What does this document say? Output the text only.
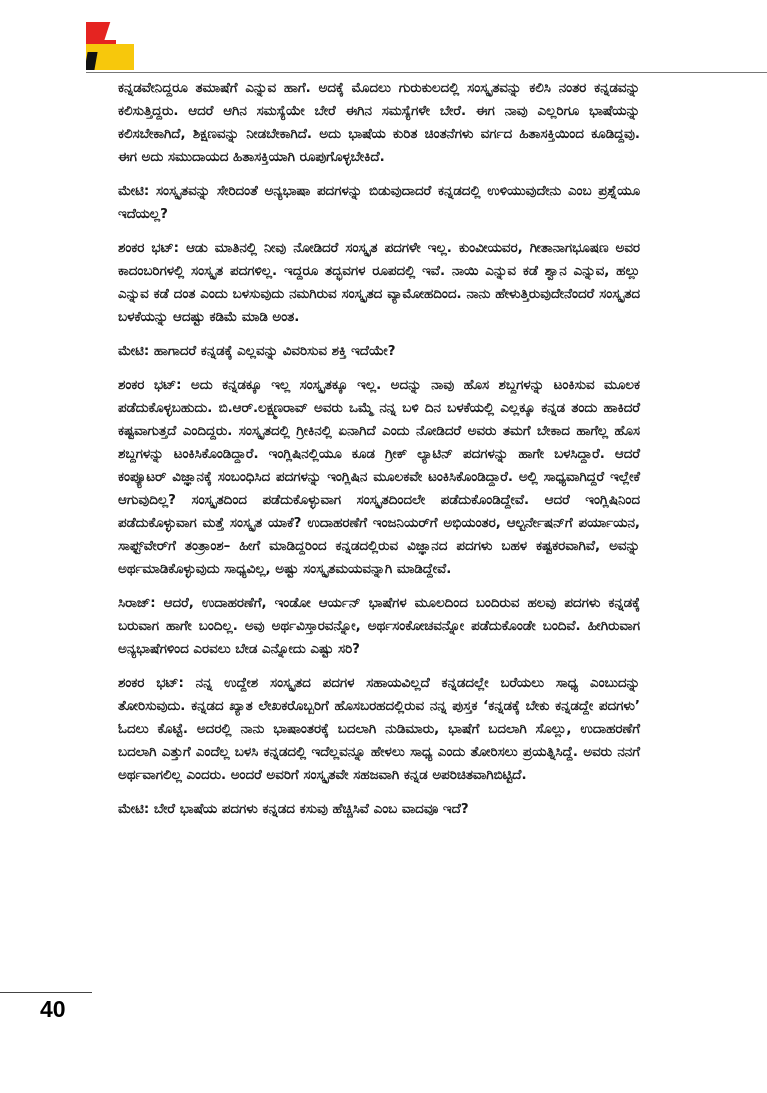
ಕನ್ನಡವೇನಿದ್ದರೂ ತಮಾಷೆಗೆ ಎನ್ನುವ ಹಾಗೆ. ಅದಕ್ಕೆ ಮೊದಲು ಗುರುಕುಲದಲ್ಲಿ ಸಂಸ್ಕೃತವನ್ನು ಕಲಿಸಿ ನಂತರ ಕನ್ನಡವನ್ನು ಕಲಿಸುತ್ತಿದ್ದರು. ಆದರೆ ಆಗಿನ ಸಮಸ್ಯೆಯೇ ಬೇರೆ ಈಗಿನ ಸಮಸ್ಯೆಗಳೇ ಬೇರೆ. ಈಗ ನಾವು ಎಲ್ಲರಿಗೂ ಭಾಷೆಯನ್ನು ಕಲಿಸಬೇಕಾಗಿದೆ, ಶಿಕ್ಷಣವನ್ನು ನೀಡಬೇಕಾಗಿದೆ. ಅದು ಭಾಷೆಯ ಕುರಿತ ಚಿಂತನೆಗಳು ವರ್ಗದ ಹಿತಾಸಕ್ತಿಯಿಂದ ಕೂಡಿದ್ದವು. ಈಗ ಅದು ಸಮುದಾಯದ ಹಿತಾಸಕ್ತಿಯಾಗಿ ರೂಪುಗೊಳ್ಳಬೇಕಿದೆ.

ಮೇಟಿ: ಸಂಸ್ಕೃತವನ್ನು ಸೇರಿದಂತೆ ಅನ್ಯಭಾಷಾ ಪದಗಳನ್ನು ಬಿಡುವುದಾದರೆ ಕನ್ನಡದಲ್ಲಿ ಉಳಿಯುವುದೇನು ಎಂಬ ಪ್ರಶ್ನೆಯೂ ಇದೆಯಲ್ಲ?

ಶಂಕರ ಭಟ್: ಆಡು ಮಾತಿನಲ್ಲಿ ನೀವು ನೋಡಿದರೆ ಸಂಸ್ಕೃತ ಪದಗಳೇ ಇಲ್ಲ. ಕುಂವೀಯವರ, ಗೀತಾನಾಗಭೂಷಣ ಅವರ ಕಾದಂಬರಿಗಳಲ್ಲಿ ಸಂಸ್ಕೃತ ಪದಗಳಿಲ್ಲ. ಇದ್ದರೂ ತದ್ಭವಗಳ ರೂಪದಲ್ಲಿ ಇವೆ. ನಾಯಿ ಎನ್ನುವ ಕಡೆ ಶ್ವಾನ ಎನ್ನುವ, ಹಲ್ಲು ಎನ್ನುವ ಕಡೆ ದಂತ ಎಂದು ಬಳಸುವುದು ನಮಗಿರುವ ಸಂಸ್ಕೃತದ ವ್ಯಾಮೋಹದಿಂದ. ನಾನು ಹೇಳುತ್ತಿರುವುದೇನೆಂದರೆ ಸಂಸ್ಕೃತದ ಬಳಕೆಯನ್ನು ಆದಷ್ಟು ಕಡಿಮೆ ಮಾಡಿ ಅಂತ.

ಮೇಟಿ: ಹಾಗಾದರೆ ಕನ್ನಡಕ್ಕೆ ಎಲ್ಲವನ್ನು ವಿವರಿಸುವ ಶಕ್ತಿ ಇದೆಯೇ?

ಶಂಕರ ಭಟ್: ಅದು ಕನ್ನಡಕ್ಕೂ ಇಲ್ಲ ಸಂಸ್ಕೃತಕ್ಕೂ ಇಲ್ಲ. ಅದನ್ನು ನಾವು ಹೊಸ ಶಬ್ದಗಳನ್ನು ಟಂಕಿಸುವ ಮೂಲಕ ಪಡೆದುಕೊಳ್ಳಬಹುದು. ಬಿ.ಆರ್.ಲಕ್ಷ್ಮಣರಾವ್ ಅವರು ಒಮ್ಮೆ ನನ್ನ ಬಳಿ ದಿನ ಬಳಕೆಯಲ್ಲಿ ಎಲ್ಲಕ್ಕೂ ಕನ್ನಡ ತಂದು ಹಾಕಿದರೆ ಕಷ್ಟವಾಗುತ್ತದೆ ಎಂದಿದ್ದರು. ಸಂಸ್ಕೃತದಲ್ಲಿ ಗ್ರೀಕಿನಲ್ಲಿ ಏನಾಗಿದೆ ಎಂದು ನೋಡಿದರೆ ಅವರು ತಮಗೆ ಬೇಕಾದ ಹಾಗೆಲ್ಲ ಹೊಸ ಶಬ್ದಗಳನ್ನು ಟಂಕಿಸಿಕೊಂಡಿದ್ದಾರೆ. ಇಂಗ್ಲಿಷಿನಲ್ಲಿಯೂ ಕೂಡ ಗ್ರೀಕ್ ಲ್ಯಾಟಿನ್ ಪದಗಳನ್ನು ಹಾಗೇ ಬಳಸಿದ್ದಾರೆ. ಆದರೆ ಕಂಪ್ಯೂಟರ್ ವಿಜ್ಞಾನಕ್ಕೆ ಸಂಬಂಧಿಸಿದ ಪದಗಳನ್ನು ಇಂಗ್ಲಿಷಿನ ಮೂಲಕವೇ ಟಂಕಿಸಿಕೊಂಡಿದ್ದಾರೆ. ಅಲ್ಲಿ ಸಾಧ್ಯವಾಗಿದ್ದರೆ ಇಲ್ಲೇಕೆ ಆಗುವುದಿಲ್ಲ? ಸಂಸ್ಕೃತದಿಂದ ಪಡೆದುಕೊಳ್ಳುವಾಗ ಸಂಸ್ಕೃತದಿಂದಲೇ ಪಡೆದುಕೊಂಡಿದ್ದೇವೆ. ಆದರೆ ಇಂಗ್ಲಿಷಿನಿಂದ ಪಡೆದುಕೊಳ್ಳುವಾಗ ಮತ್ತೆ ಸಂಸ್ಕೃತ ಯಾಕೆ? ಉದಾಹರಣೆಗೆ ಇಂಜನಿಯರ್‌ಗೆ ಅಭಿಯಂತರ, ಆಲ್ಟರ್ನೇಷನ್‌ಗೆ ಪರ್ಯಾಯನ, ಸಾಫ್ಟ್‌ವೇರ್‌ಗೆ ತಂತ್ರಾಂಶ– ಹೀಗೆ ಮಾಡಿದ್ದರಿಂದ ಕನ್ನಡದಲ್ಲಿರುವ ವಿಜ್ಞಾನದ ಪದಗಳು ಬಹಳ ಕಷ್ಟಕರವಾಗಿವೆ, ಅವನ್ನು ಅರ್ಥಮಾಡಿಕೊಳ್ಳುವುದು ಸಾಧ್ಯವಿಲ್ಲ, ಅಷ್ಟು ಸಂಸ್ಕೃತಮಯವನ್ನಾಗಿ ಮಾಡಿದ್ದೇವೆ.

ಸಿರಾಜ್: ಆದರೆ, ಉದಾಹರಣೆಗೆ, ಇಂಡೋ ಆರ್ಯನ್ ಭಾಷೆಗಳ ಮೂಲದಿಂದ ಬಂದಿರುವ ಹಲವು ಪದಗಳು ಕನ್ನಡಕ್ಕೆ ಬರುವಾಗ ಹಾಗೇ ಬಂದಿಲ್ಲ. ಅವು ಅರ್ಥವಿಸ್ತಾರವನ್ನೋ, ಅರ್ಥಸಂಕೋಚವನ್ನೋ ಪಡೆದುಕೊಂಡೇ ಬಂದಿವೆ. ಹೀಗಿರುವಾಗ ಅನ್ಯಭಾಷೆಗಳಿಂದ ಎರವಲು ಬೇಡ ಎನ್ನೋದು ಎಷ್ಟು ಸರಿ?

ಶಂಕರ ಭಟ್: ನನ್ನ ಉದ್ದೇಶ ಸಂಸ್ಕೃತದ ಪದಗಳ ಸಹಾಯವಿಲ್ಲದೆ ಕನ್ನಡದಲ್ಲೇ ಬರೆಯಲು ಸಾಧ್ಯ ಎಂಬುದನ್ನು ತೋರಿಸುವುದು. ಕನ್ನಡದ ಖ್ಯಾತ ಲೇಖಕರೊಬ್ಬರಿಗೆ ಹೊಸಬರಹದಲ್ಲಿರುವ ನನ್ನ ಪುಸ್ತಕ ‘ಕನ್ನಡಕ್ಕೆ ಬೇಕು ಕನ್ನಡದ್ದೇ ಪದಗಳು’ ಓದಲು ಕೊಟ್ಟೆ. ಅದರಲ್ಲಿ ನಾನು ಭಾಷಾಂತರಕ್ಕೆ ಬದಲಾಗಿ ನುಡಿಮಾರು, ಭಾಷೆಗೆ ಬದಲಾಗಿ ಸೊಲ್ಲು, ಉದಾಹರಣೆಗೆ ಬದಲಾಗಿ ಎತ್ತುಗೆ ಎಂದೆಲ್ಲ ಬಳಸಿ ಕನ್ನಡದಲ್ಲಿ ಇದೆಲ್ಲವನ್ನೂ ಹೇಳಲು ಸಾಧ್ಯ ಎಂದು ತೋರಿಸಲು ಪ್ರಯತ್ನಿಸಿದ್ದೆ. ಅವರು ನನಗೆ ಅರ್ಥವಾಗಲಿಲ್ಲ ಎಂದರು. ಅಂದರೆ ಅವರಿಗೆ ಸಂಸ್ಕೃತವೇ ಸಹಜವಾಗಿ ಕನ್ನಡ ಅಪರಿಚಿತವಾಗಿಬಿಟ್ಟಿದೆ.

ಮೇಟಿ: ಬೇರೆ ಭಾಷೆಯ ಪದಗಳು ಕನ್ನಡದ ಕಸುವು ಹೆಚ್ಚಿಸಿವೆ ಎಂಬ ವಾದವೂ ಇದೆ?

40
